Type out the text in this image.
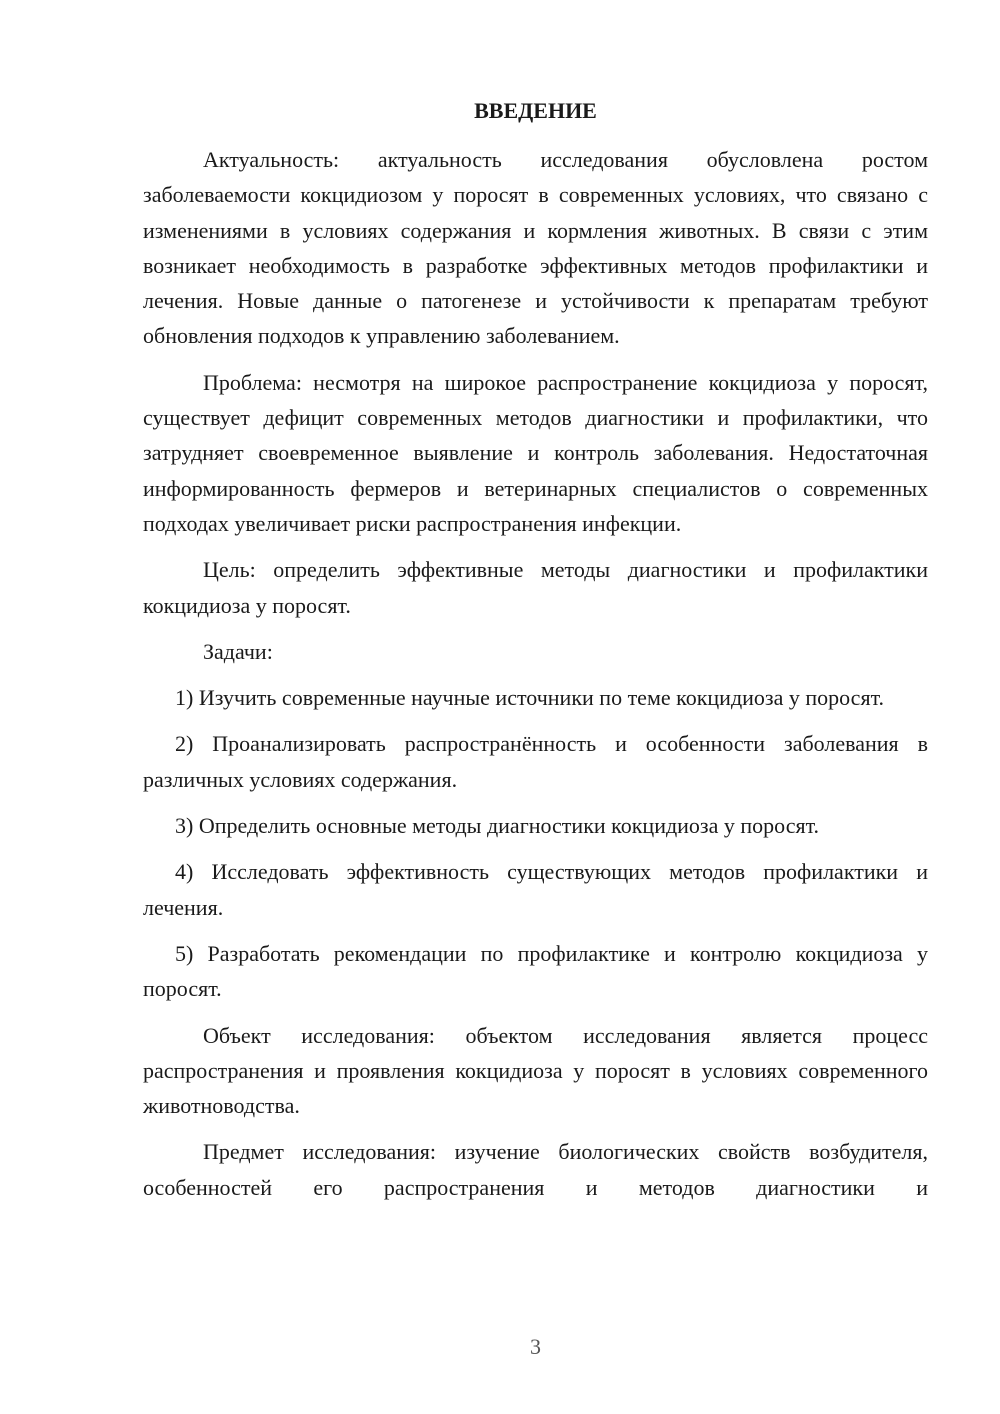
ВВЕДЕНИЕ

Актуальность: актуальность исследования обусловлена ростом заболеваемости кокцидиозом у поросят в современных условиях, что связано с изменениями в условиях содержания и кормления животных. В связи с этим возникает необходимость в разработке эффективных методов профилактики и лечения. Новые данные о патогенезе и устойчивости к препаратам требуют обновления подходов к управлению заболеванием.

Проблема: несмотря на широкое распространение кокцидиоза у поросят, существует дефицит современных методов диагностики и профилактики, что затрудняет своевременное выявление и контроль заболевания. Недостаточная информированность фермеров и ветеринарных специалистов о современных подходах увеличивает риски распространения инфекции.

Цель: определить эффективные методы диагностики и профилактики кокцидиоза у поросят.

Задачи:

1) Изучить современные научные источники по теме кокцидиоза у поросят.

2) Проанализировать распространённость и особенности заболевания в различных условиях содержания.

3) Определить основные методы диагностики кокцидиоза у поросят.

4) Исследовать эффективность существующих методов профилактики и лечения.

5) Разработать рекомендации по профилактике и контролю кокцидиоза у поросят.

Объект исследования: объектом исследования является процесс распространения и проявления кокцидиоза у поросят в условиях современного животноводства.

Предмет исследования: изучение биологических свойств возбудителя, особенностей его распространения и методов диагностики и

3
